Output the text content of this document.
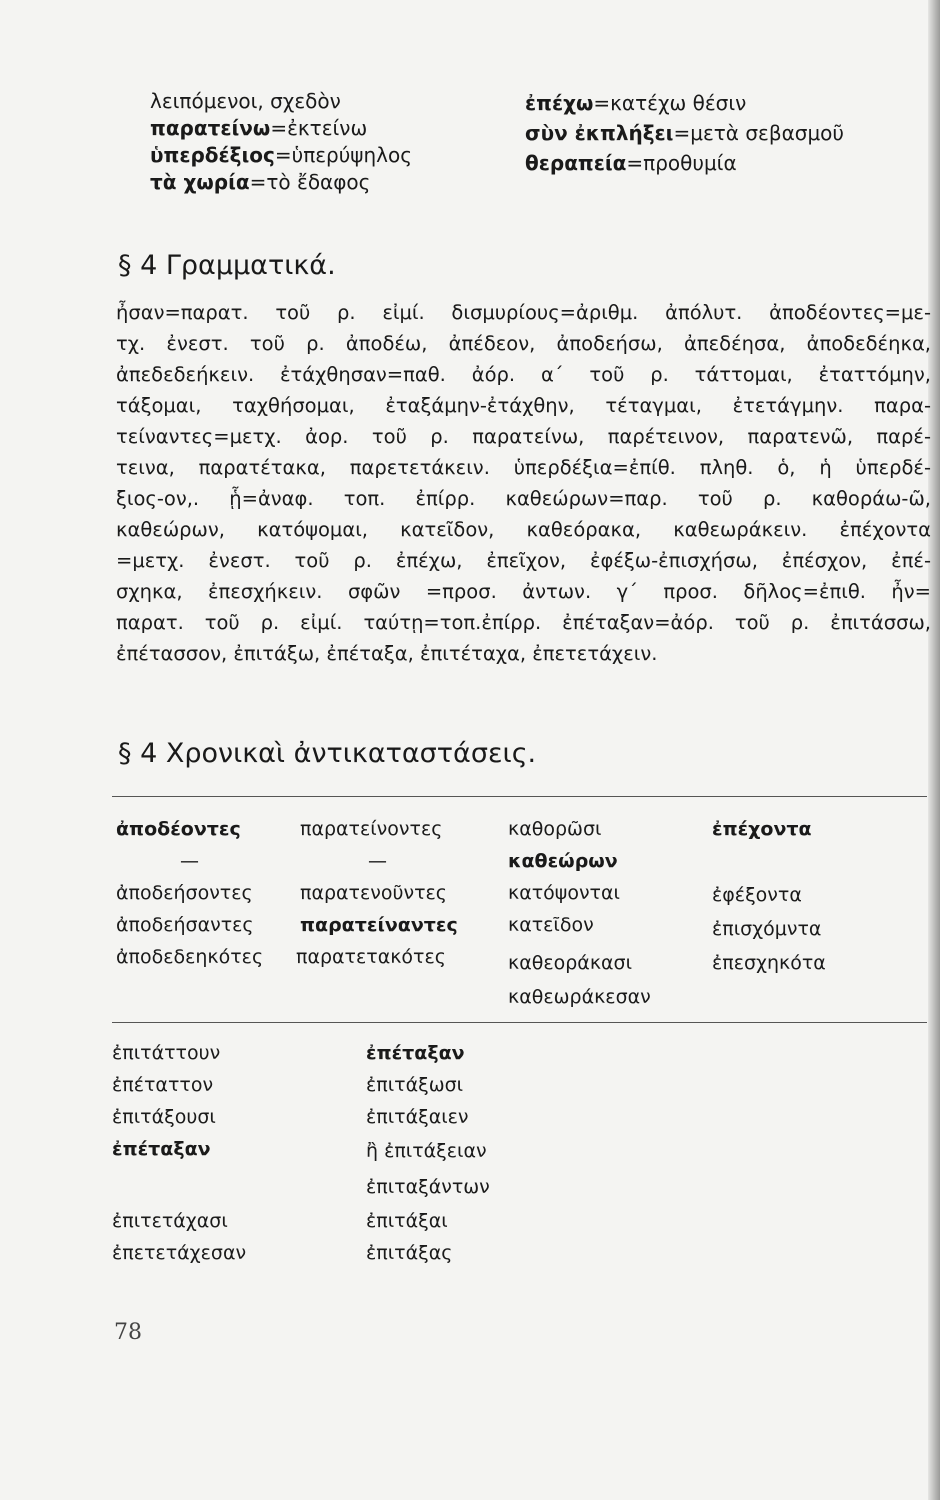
λειπόμενοι, σχεδὸν
παρατείνω=ἐκτείνω
ὑπερδέξιος=ὑπερύψηλος
τὰ χωρία=τὸ ἔδαφος
ἐπέχω=κατέχω θέσιν
σὺν ἐκπλήξει=μετὰ σεβασμοῦ
θεραπεία=προθυμία
§ 4 Γραμματικά.
ἦσαν=παρατ. τοῦ ρ. εἰμί. δισμυρίους=ἀριθμ. ἀπόλυτ. ἀποδέοντες=με-
τχ. ἐνεστ. τοῦ ρ. ἀποδέω, ἀπέδεον, ἀποδεήσω, ἀπεδέησα, ἀποδεδέηκα,
ἀπεδεδεήκειν. ἐτάχθησαν=παθ. ἀόρ. α΄ τοῦ ρ. τάττομαι, ἐταττόμην,
τάξομαι, ταχθήσομαι, ἐταξάμην-ἐτάχθην, τέταγμαι, ἐτετάγμην. παρα-
τείναντες=μετχ. ἀορ. τοῦ ρ. παρατείνω, παρέτεινον, παρατενῶ, παρέ-
τεινα, παρατέτακα, παρετετάκειν. ὑπερδέξια=ἐπίθ. πληθ. ὁ, ἡ ὑπερδέ-
ξιος-ον,. ᾗ=ἀναφ. τοπ. ἐπίρρ. καθεώρων=παρ. τοῦ ρ. καθοράω-ῶ,
καθεώρων, κατόψομαι, κατεῖδον, καθεόρακα, καθεωράκειν. ἐπέχοντα
=μετχ. ἐνεστ. τοῦ ρ. ἐπέχω, ἐπεῖχον, ἐφέξω-ἐπισχήσω, ἐπέσχον, ἐπέ-
σχηκα, ἐπεσχήκειν. σφῶν =προσ. ἀντων. γ΄ προσ. δῆλος=ἐπιθ. ἦν=
παρατ. τοῦ ρ. εἰμί. ταύτῃ=τοπ.ἐπίρρ. ἐπέταξαν=ἀόρ. τοῦ ρ. ἐπιτάσσω,
ἐπέτασσον, ἐπιτάξω, ἐπέταξα, ἐπιτέταχα, ἐπετετάχειν.
§ 4 Χρονικαὶ ἀντικαταστάσεις.
ἀποδέοντες
—
ἀποδεήσοντες
ἀποδεήσαντες
ἀποδεδεηκότες
παρατείνοντες
—
παρατενοῦντες
παρατείναντες
παρατετακότες
καθορῶσι
καθεώρων
κατόψονται
κατεῖδον
καθεοράκασι
καθεωράκεσαν
ἐπέχοντα
ἐφέξοντα
ἐπισχόμντα
ἐπεσχηκότα
ἐπιτάττουν
ἐπέταττον
ἐπιτάξουσι
ἐπέταξαν
ἐπιτετάχασι
ἐπετετάχεσαν
ἐπέταξαν
ἐπιτάξωσι
ἐπιτάξαιεν
ἢ ἐπιτάξειαν
ἐπιταξάντων
ἐπιτάξαι
ἐπιτάξας
78
